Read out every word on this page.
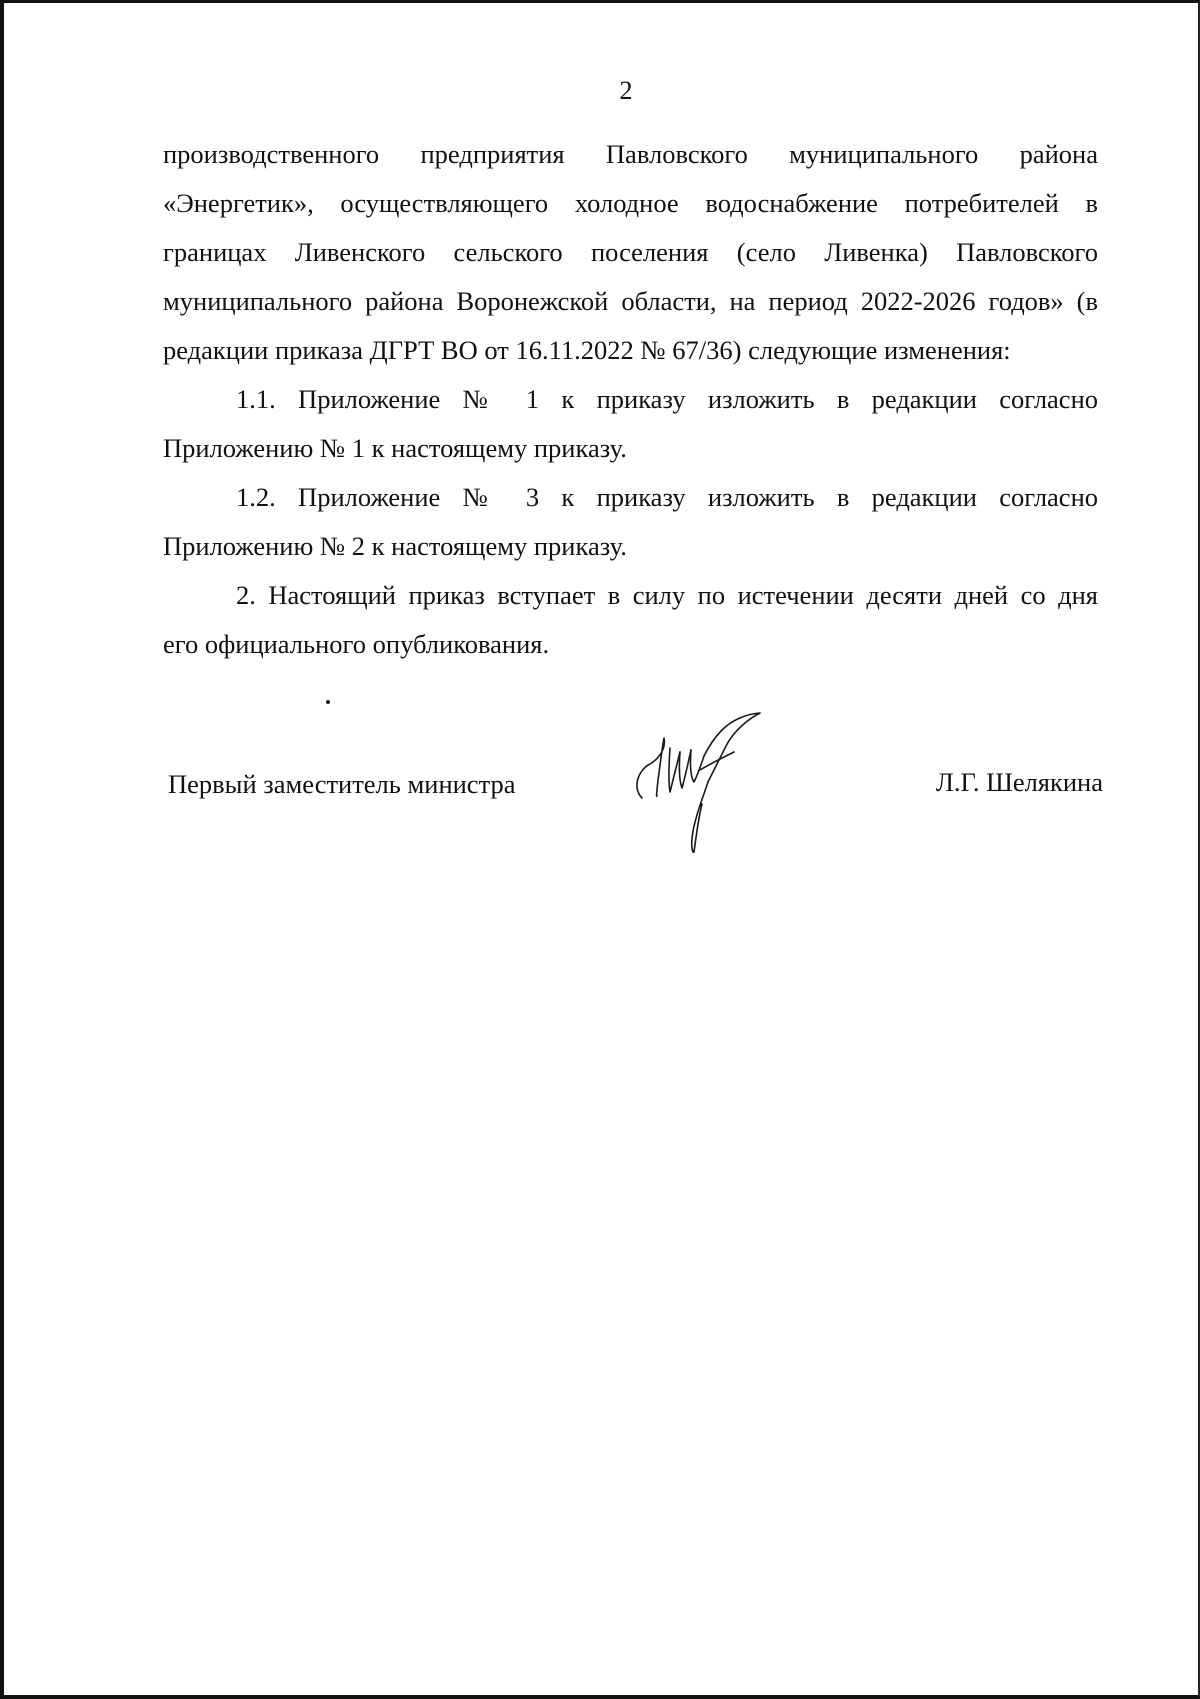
2

производственного предприятия Павловского муниципального района
«Энергетик», осуществляющего холодное водоснабжение потребителей в
границах Ливенского сельского поселения (село Ливенка) Павловского
муниципального района Воронежской области, на период 2022-2026 годов» (в
редакции приказа ДГРТ ВО от 16.11.2022 № 67/36) следующие изменения:

1.1. Приложение № 1 к приказу изложить в редакции согласно
Приложению № 1 к настоящему приказу.

1.2. Приложение № 3 к приказу изложить в редакции согласно
Приложению № 2 к настоящему приказу.

2. Настоящий приказ вступает в силу по истечении десяти дней со дня
его официального опубликования.

Первый заместитель министра	Л.Г. Шелякина
